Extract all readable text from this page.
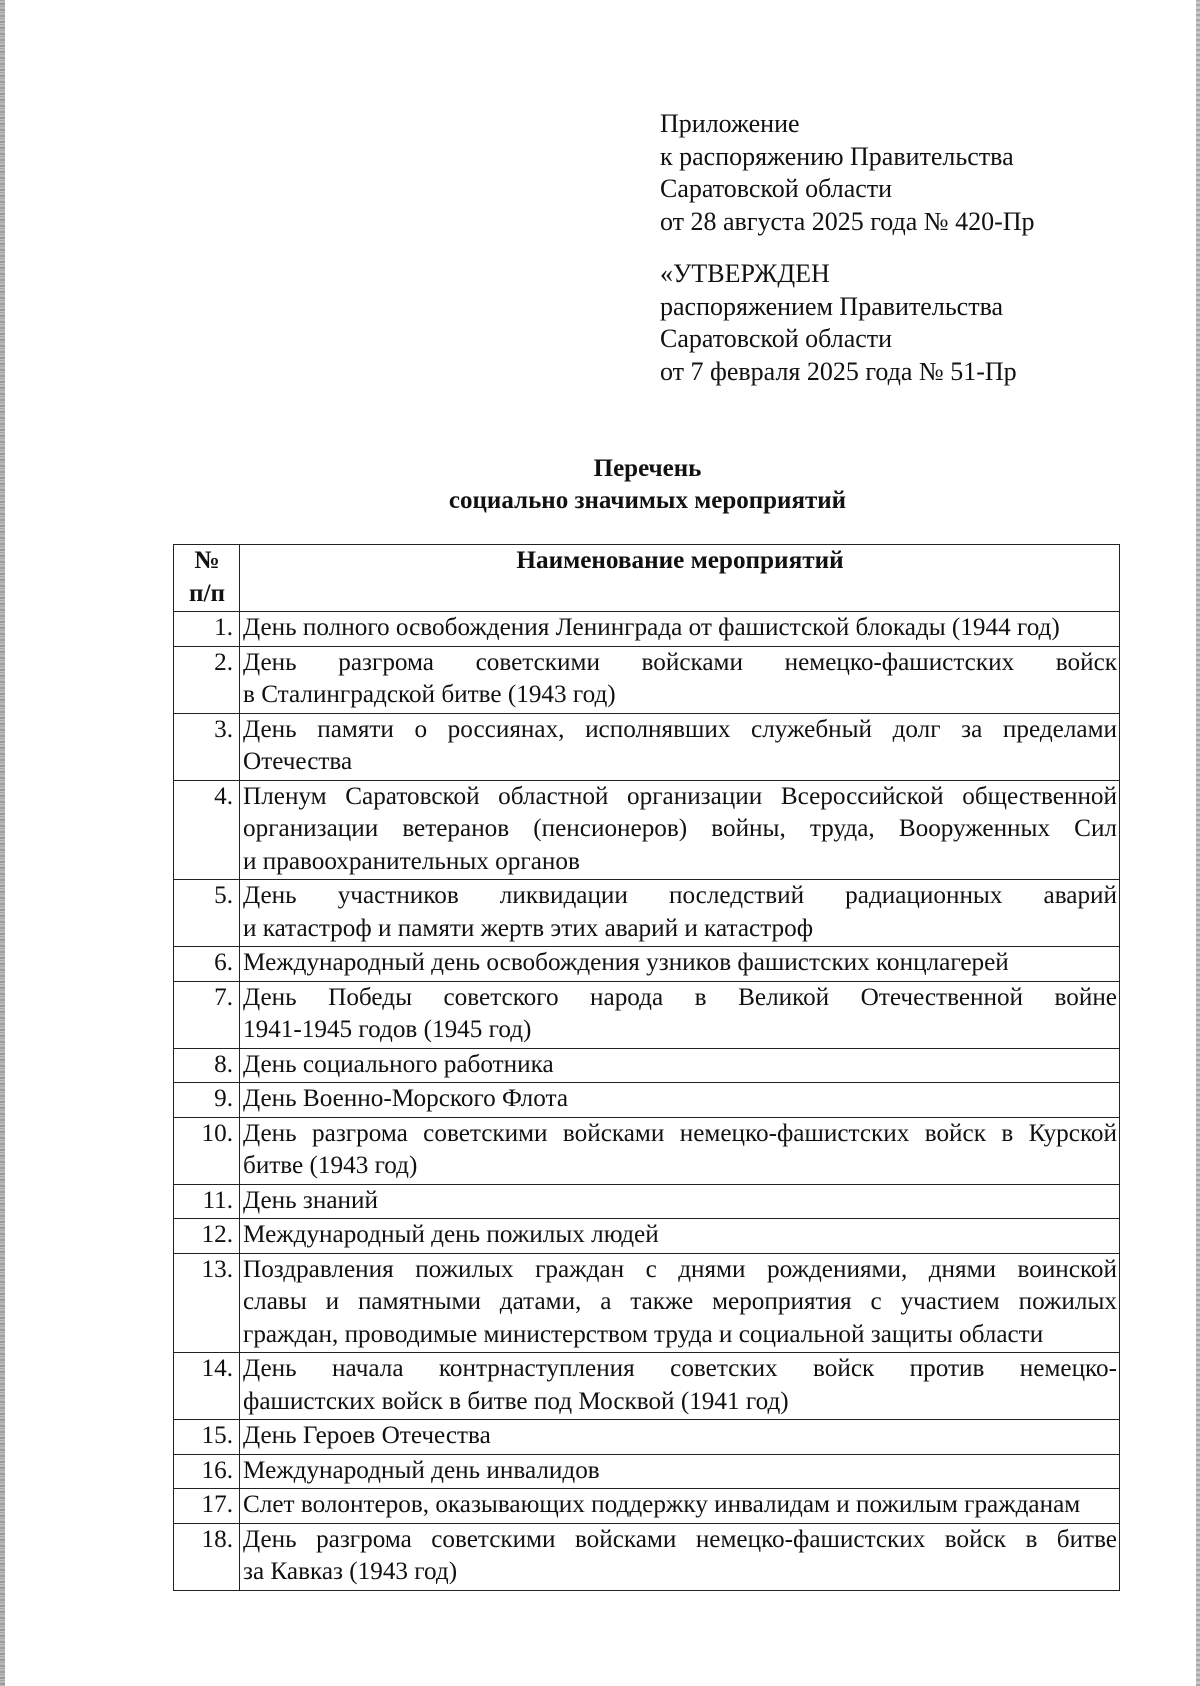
Приложение
к распоряжению Правительства
Саратовской области
от 28 августа 2025 года № 420-Пр
«УТВЕРЖДЕН
распоряжением Правительства
Саратовской области
от 7 февраля 2025 года № 51-Пр
Перечень
социально значимых мероприятий
№
п/п	Наименование мероприятий
1.	День полного освобождения Ленинграда от фашистской блокады (1944 год)

2.	День разгрома советскими войсками немецко-фашистских войск
в Сталинградской битве (1943 год)

3.	День памяти о россиянах, исполнявших служебный долг за пределами
Отечества

4.	Пленум Саратовской областной организации Всероссийской общественной
организации ветеранов (пенсионеров) войны, труда, Вооруженных Сил
и правоохранительных органов

5.	День участников ликвидации последствий радиационных аварий
и катастроф и памяти жертв этих аварий и катастроф

6.	Международный день освобождения узников фашистских концлагерей

7.	День Победы советского народа в Великой Отечественной войне
1941-1945 годов (1945 год)

8.	День социального работника

9.	День Военно-Морского Флота

10.	День разгрома советскими войсками немецко-фашистских войск в Курской
битве (1943 год)

11.	День знаний

12.	Международный день пожилых людей

13.	Поздравления пожилых граждан с днями рождениями, днями воинской
славы и памятными датами, а также мероприятия с участием пожилых
граждан, проводимые министерством труда и социальной защиты области

14.	День начала контрнаступления советских войск против немецко-
фашистских войск в битве под Москвой (1941 год)

15.	День Героев Отечества

16.	Международный день инвалидов

17.	Слет волонтеров, оказывающих поддержку инвалидам и пожилым гражданам

18.	День разгрома советскими войсками немецко-фашистских войск в битве
за Кавказ (1943 год)
